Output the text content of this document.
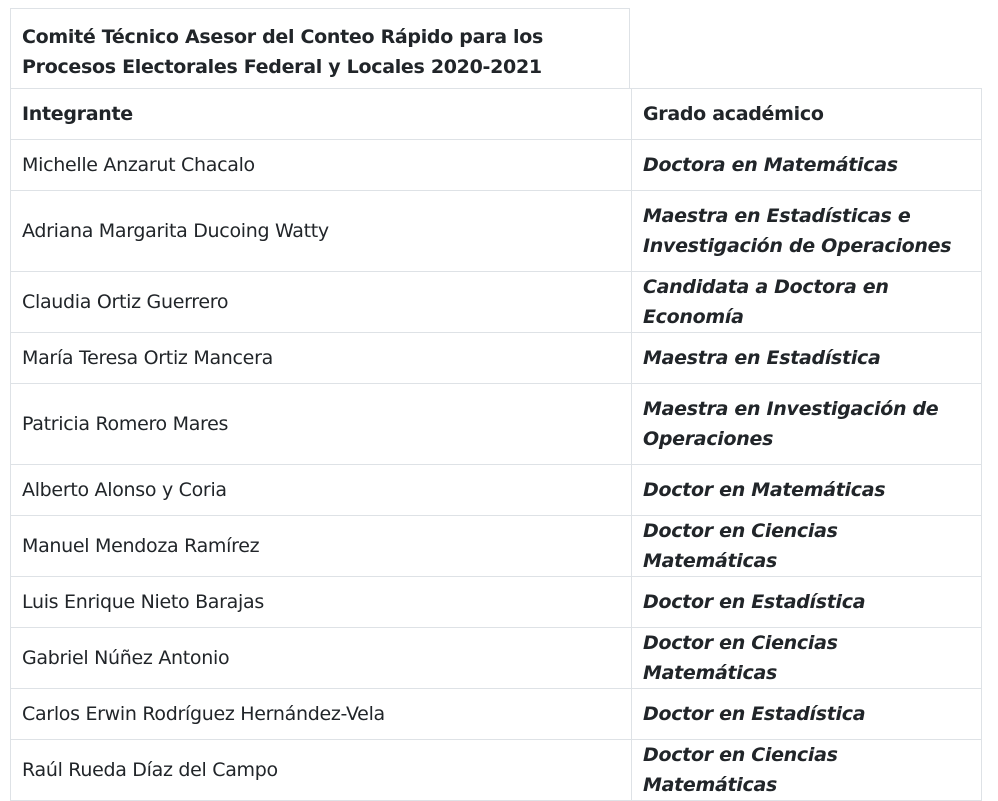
Comité Técnico Asesor del Conteo Rápido para los Procesos Electorales Federal y Locales 2020-2021
Integrante	Grado académico
Michelle Anzarut Chacalo	Doctora en Matemáticas
Adriana Margarita Ducoing Watty	Maestra en Estadísticas e Investigación de Operaciones
Claudia Ortiz Guerrero	Candidata a Doctora en Economía
María Teresa Ortiz Mancera	Maestra en Estadística
Patricia Romero Mares	Maestra en Investigación de Operaciones
Alberto Alonso y Coria	Doctor en Matemáticas
Manuel Mendoza Ramírez	Doctor en Ciencias Matemáticas
Luis Enrique Nieto Barajas	Doctor en Estadística
Gabriel Núñez Antonio	Doctor en Ciencias Matemáticas
Carlos Erwin Rodríguez Hernández-Vela	Doctor en Estadística
Raúl Rueda Díaz del Campo	Doctor en Ciencias Matemáticas
